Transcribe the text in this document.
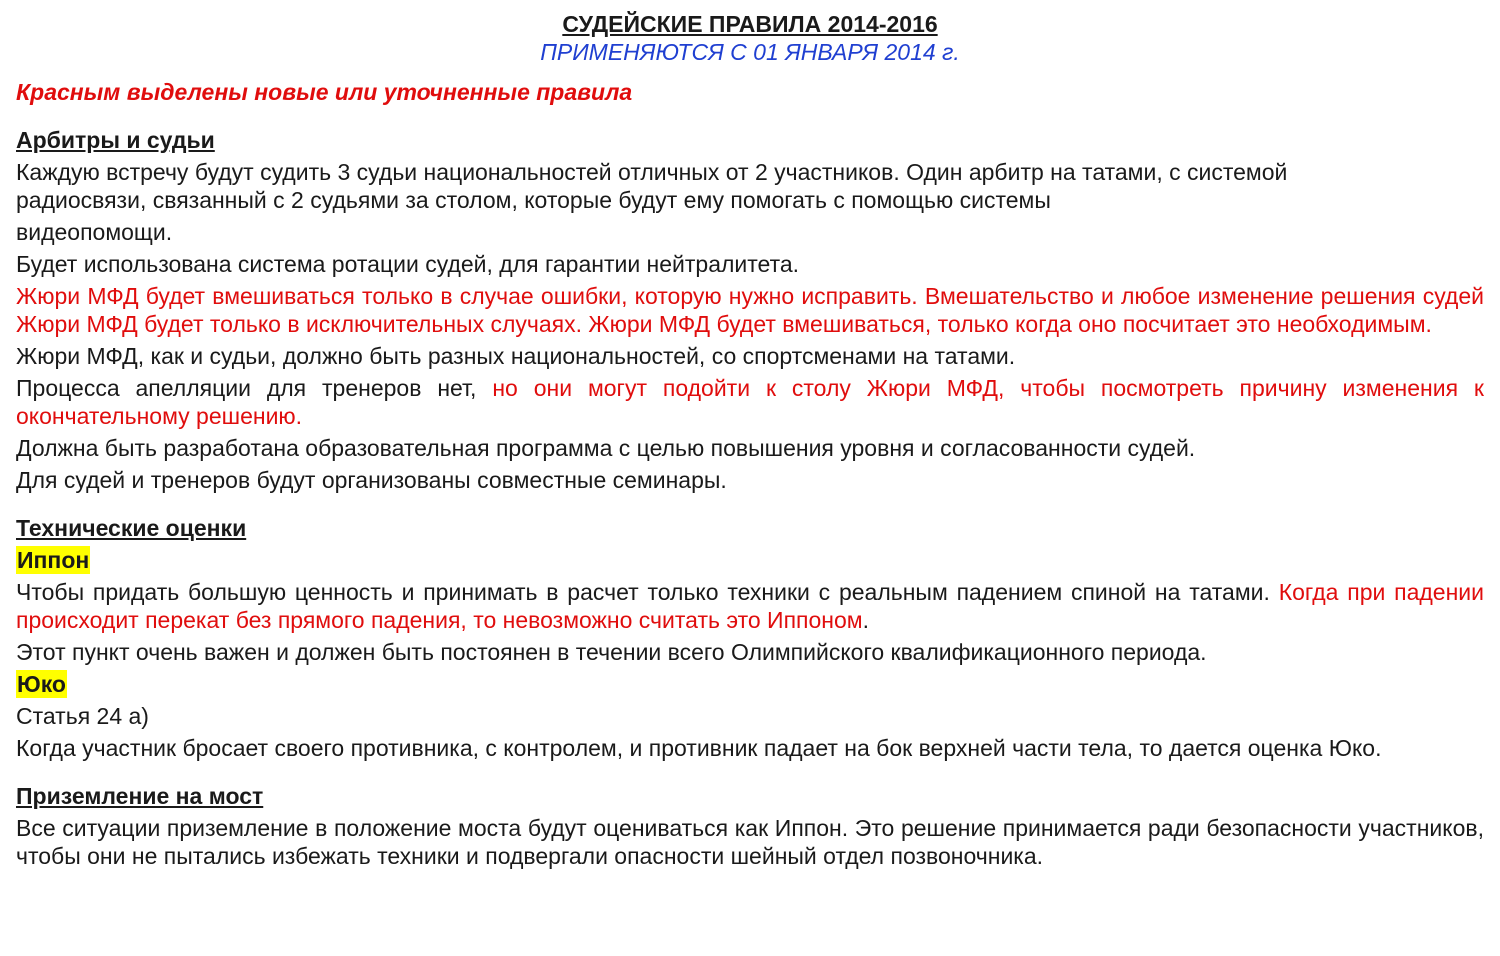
СУДЕЙСКИЕ ПРАВИЛА 2014-2016
ПРИМЕНЯЮТСЯ С 01 ЯНВАРЯ 2014 г.
Красным выделены новые или уточненные правила
Арбитры и судьи

Каждую встречу будут судить 3 судьи национальностей отличных от 2 участников. Один арбитр на татами, с системой

радиосвязи, связанный с 2 судьями за столом, которые будут ему помогать с помощью системы

видеопомощи.

Будет использована система ротации судей, для гарантии нейтралитета.

Жюри МФД будет вмешиваться только в случае ошибки, которую нужно исправить. Вмешательство и любое изменение решения судей Жюри МФД будет только в исключительных случаях. Жюри МФД будет вмешиваться, только когда оно посчитает это необходимым.

Жюри МФД, как и судьи, должно быть разных национальностей, со спортсменами на татами.

Процесса апелляции для тренеров нет, но они могут подойти к столу Жюри МФД, чтобы посмотреть причину изменения к окончательному решению.

Должна быть разработана образовательная программа с целью повышения уровня и согласованности судей.

Для судей и тренеров будут организованы совместные семинары.

Технические оценки
Иппон

Чтобы придать большую ценность и принимать в расчет только техники с реальным падением спиной на татами. Когда при падении происходит перекат без прямого падения, то невозможно считать это Иппоном.

Этот пункт очень важен и должен быть постоянен в течении всего Олимпийского квалификационного периода.

Юко

Статья 24 а)

Когда участник бросает своего противника, с контролем, и противник падает на бок верхней части тела, то дается оценка Юко.

Приземление на мост

Все ситуации приземление в положение моста будут оцениваться как Иппон. Это решение принимается ради безопасности участников, чтобы они не пытались избежать техники и подвергали опасности шейный отдел позвоночника.
